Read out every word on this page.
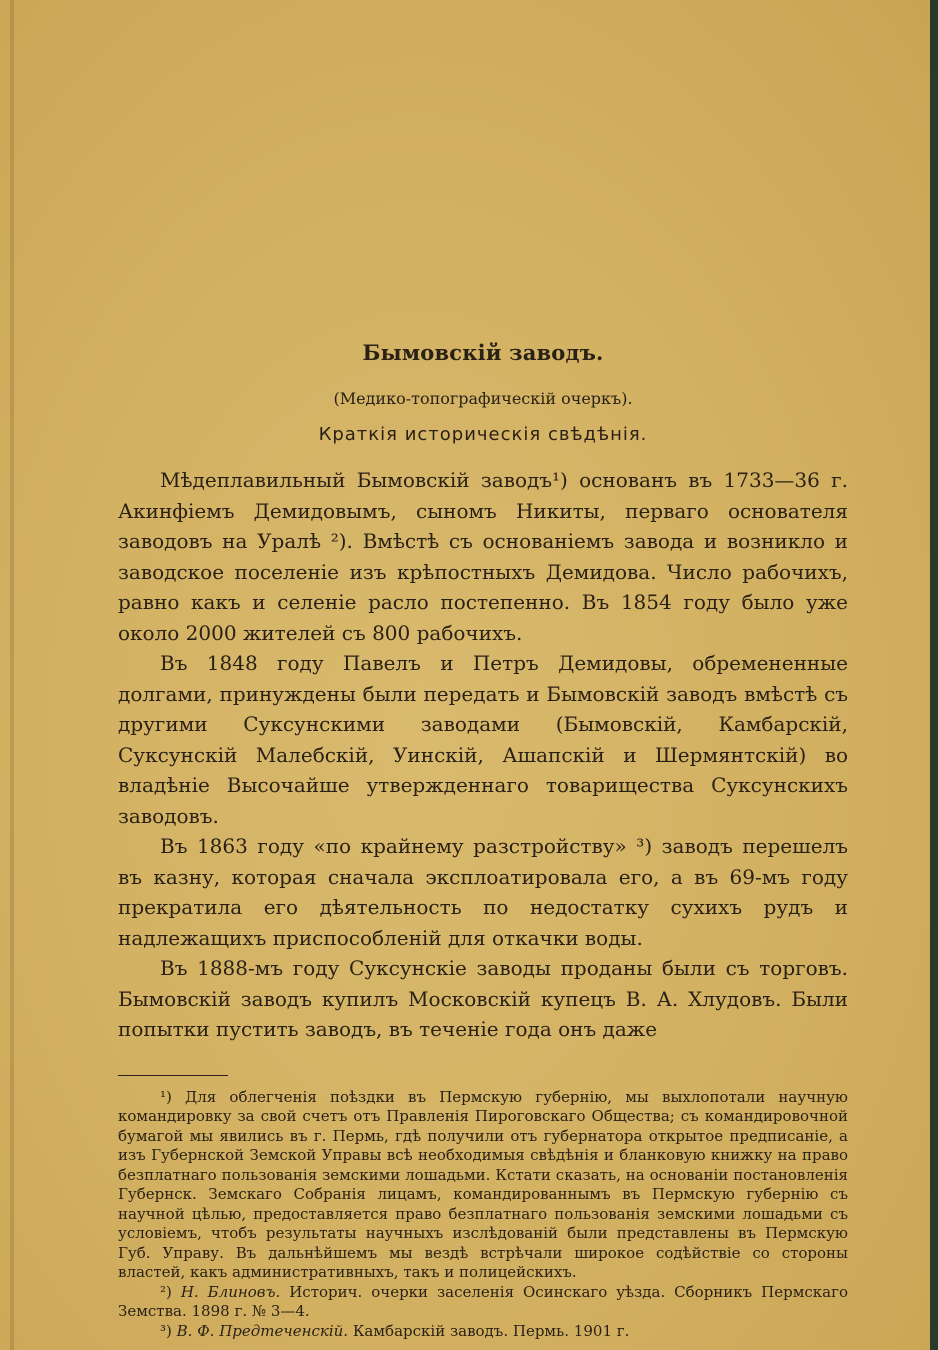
Бымовскій заводъ.
(Медико-топографическій очеркъ).
Краткія историческія свѣдѣнія.

Мѣдеплавильный Бымовскій заводъ¹) основанъ въ 1733—36 г. Акинфіемъ Демидовымъ, сыномъ Никиты, перваго основателя заводовъ на Уралѣ ²). Вмѣстѣ съ основаніемъ завода и возникло и заводское поселеніе изъ крѣпостныхъ Демидова. Число рабочихъ, равно какъ и селеніе расло постепенно. Въ 1854 году было уже около 2000 жителей съ 800 рабочихъ.

Въ 1848 году Павелъ и Петръ Демидовы, обремененные долгами, принуждены были передать и Бымовскій заводъ вмѣстѣ съ другими Суксунскими заводами (Бымовскій, Камбарскій, Суксунскій Малебскій, Уинскій, Ашапскій и Шермянтскій) во владѣніе Высочайше утвержденнаго товарищества Суксунскихъ заводовъ.

Въ 1863 году «по крайнему разстройству» ³) заводъ перешелъ въ казну, которая сначала эксплоатировала его, а въ 69-мъ году прекратила его дѣятельность по недостатку сухихъ рудъ и надлежащихъ приспособленій для откачки воды.

Въ 1888-мъ году Суксунскіе заводы проданы были съ торговъ. Бымовскій заводъ купилъ Московскій купецъ В. А. Хлудовъ. Были попытки пустить заводъ, въ теченіе года онъ даже

¹) Для облегченія поѣздки въ Пермскую губернію, мы выхлопотали научную командировку за свой счетъ отъ Правленія Пироговскаго Общества; съ командировочной бумагой мы явились въ г. Пермь, гдѣ получили отъ губернатора открытое предписаніе, а изъ Губернской Земской Управы всѣ необходимыя свѣдѣнія и бланковую книжку на право безплатнаго пользованія земскими лошадьми. Кстати сказать, на основаніи постановленія Губернск. Земскаго Собранія лицамъ, командированнымъ въ Пермскую губернію съ научной цѣлью, предоставляется право безплатнаго пользованія земскими лошадьми съ условіемъ, чтобъ результаты научныхъ изслѣдованій были представлены въ Пермскую Губ. Управу. Въ дальнѣйшемъ мы вездѣ встрѣчали широкое содѣйствіе со стороны властей, какъ административныхъ, такъ и полицейскихъ.

²) Н. Блиновъ. Историч. очерки заселенія Осинскаго уѣзда. Сборникъ Пермскаго Земства. 1898 г. № 3—4.

³) В. Ф. Предтеченскій. Камбарскій заводъ. Пермь. 1901 г.
